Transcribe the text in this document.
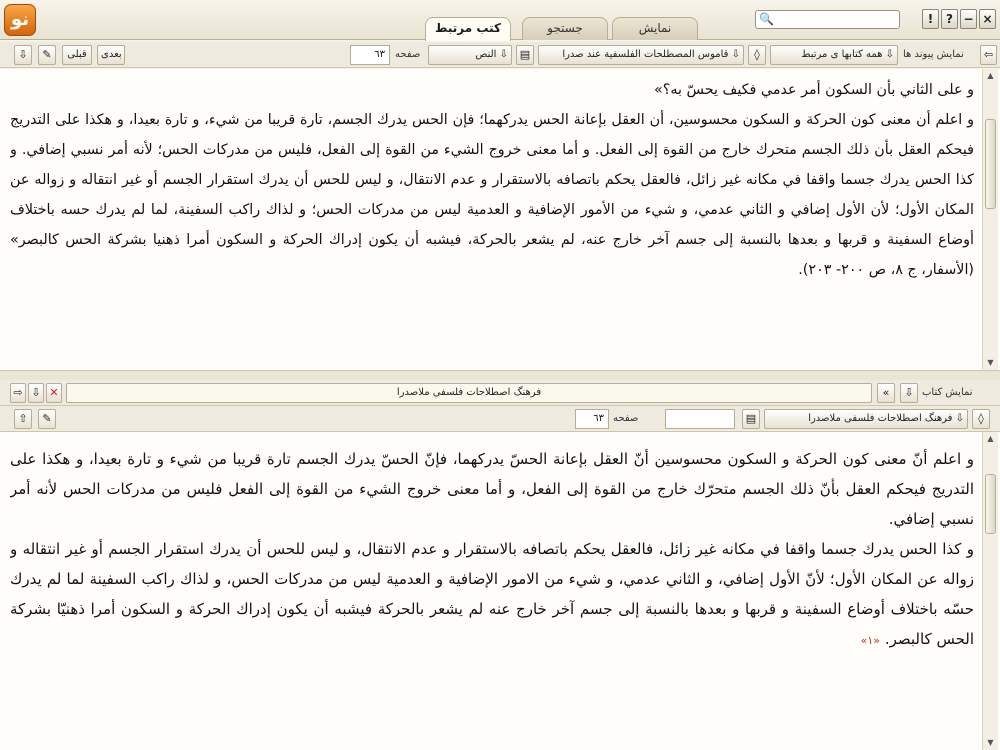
نو	نمایش
جستجو
کتب مرتبط
🔍	!	? − ×
⇦
نمایش پیوند ها
همه کتابها ی مرتبط ⇩
◊
قاموس المصطلحات الفلسفية عند صدرا ⇩
▤
النص ⇩
صفحه
٦٣
بعدی
قبلی
✎
⇩

و على الثاني بأن السكون أمر عدمي فكيف يحسّ به؟»

و اعلم أن معنى كون الحركة و السكون محسوسين، أن العقل بإعانة الحس يدركهما؛ فإن الحس يدرك الجسم، تارة قريبا من شيء، و تارة بعيدا، و هكذا على التدريج فيحكم العقل بأن ذلك الجسم متحرك خارج من القوة إلى الفعل. و أما معنى خروج الشيء من القوة إلى الفعل، فليس من مدركات الحس؛ لأنه أمر نسبي إضافي. و كذا الحس يدرك جسما واقفا في مكانه غير زائل، فالعقل يحكم باتصافه بالاستقرار و عدم الانتقال، و ليس للحس أن يدرك استقرار الجسم أو غير انتقاله و زواله عن المكان الأول؛ لأن الأول إضافي و الثاني عدمي، و شيء من الأمور الإضافية و العدمية ليس من مدركات الحس؛ و لذاك راكب السفينة، لما لم يدرك حسه باختلاف أوضاع السفينة و قربها و بعدها بالنسبة إلى جسم آخر خارج عنه، لم يشعر بالحركة، فيشبه أن يكون إدراك الحركة و السكون أمرا ذهنيا بشركة الحس كالبصر» (الأسفار، ج ٨، ص ٢٠٠- ٢٠٣).

▲
▼
نمایش کتاب
⇩
«
فرهنگ اصطلاحات فلسفی ملاصدرا
✕
⇩
⇨
◊
فرهنگ اصطلاحات فلسفی ملاصدرا ⇩
▤
صفحه
٦٣
✎
⇧

و اعلم أنّ معنى كون الحركة و السكون محسوسين أنّ العقل بإعانة الحسّ يدركهما، فإنّ الحسّ يدرك الجسم تارة قريبا من شيء و تارة بعيدا، و هكذا على التدريج فيحكم العقل بأنّ ذلك الجسم متحرّك خارج من القوة إلى الفعل، و أما معنى خروج الشيء من القوة إلى الفعل فليس من مدركات الحس لأنه أمر نسبي إضافي.

و كذا الحس يدرك جسما واقفا في مكانه غير زائل، فالعقل يحكم باتصافه بالاستقرار و عدم الانتقال، و ليس للحس أن يدرك استقرار الجسم أو غير انتقاله و زواله عن المكان الأول؛ لأنّ الأول إضافي، و الثاني عدمي، و شيء من الامور الإضافية و العدمية ليس من مدركات الحس، و لذاك راكب السفينة لما لم يدرك حسّه باختلاف أوضاع السفينة و قربها و بعدها بالنسبة إلى جسم آخر خارج عنه لم يشعر بالحركة فيشبه أن يكون إدراك الحركة و السكون أمرا ذهنيّا بشركة الحس كالبصر. «۱»

▲
▼
